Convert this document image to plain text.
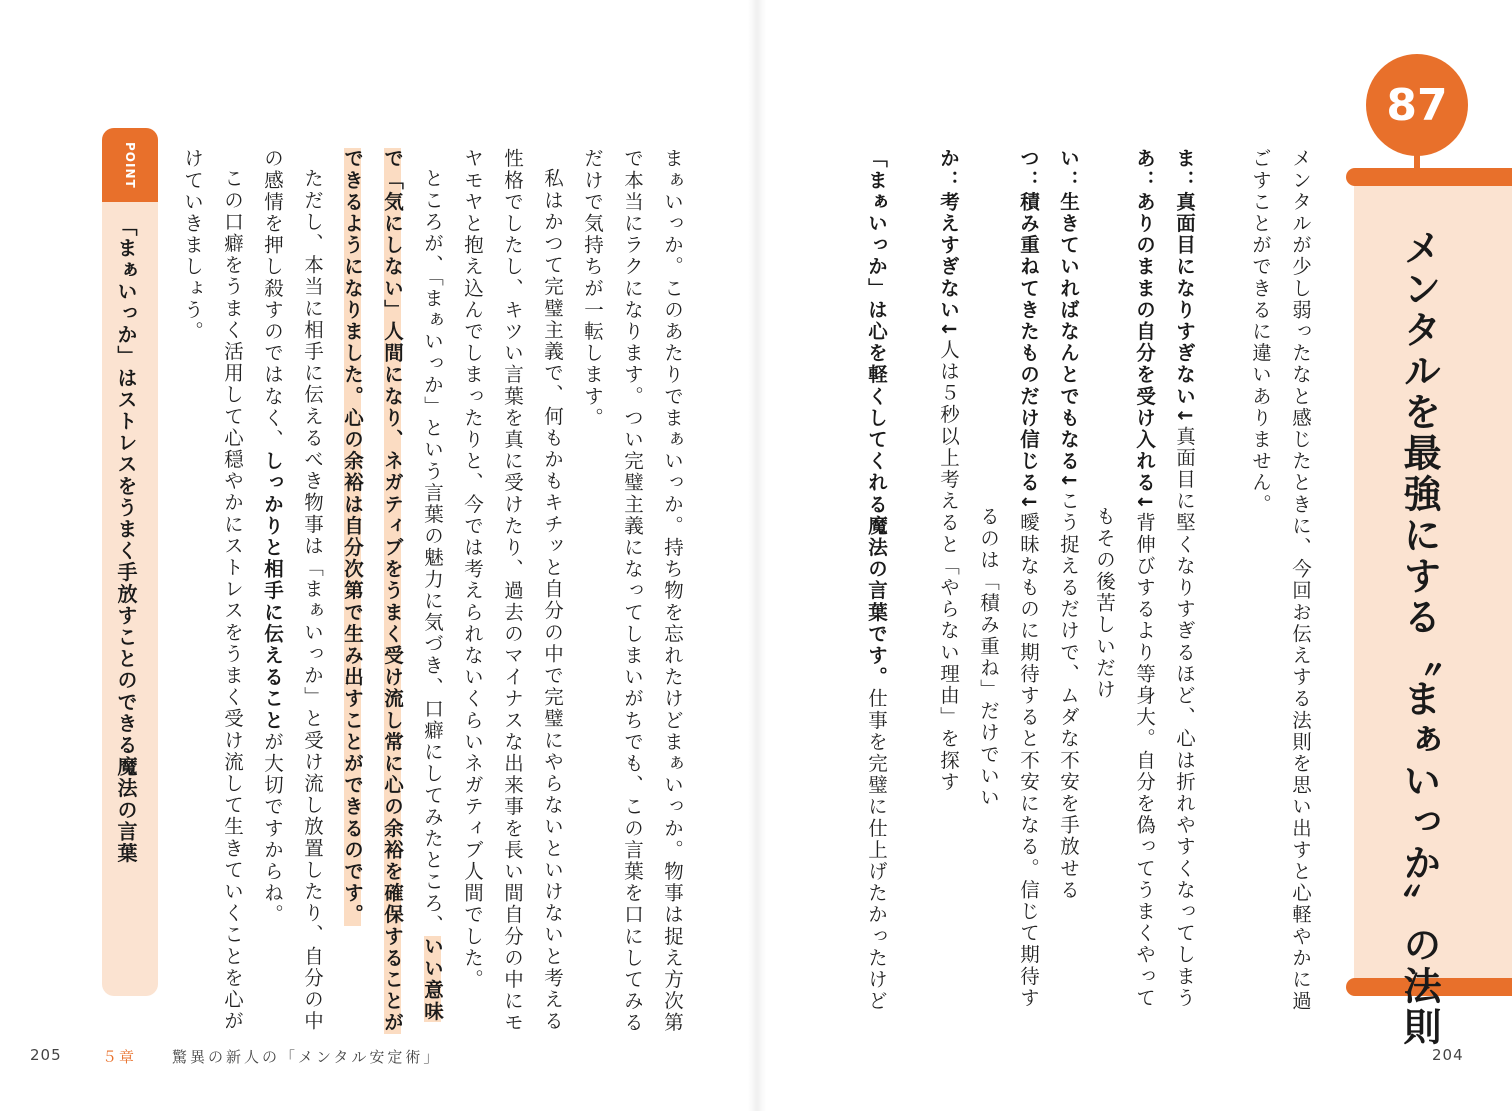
87
メンタルを最強にする〝まぁいっか〟の法則
メンタルが少し弱ったなと感じたときに、今回お伝えする法則を思い出すと心軽やかに過
ごすことができるに違いありません。
ま：真面目になりすぎない↓真面目に堅くなりすぎるほど、心は折れやすくなってしまう
あ：ありのままの自分を受け入れる↓背伸びするより等身大。自分を偽ってうまくやって
もその後苦しいだけ
い：生きていればなんとでもなる↓こう捉えるだけで、ムダな不安を手放せる
つ：積み重ねてきたものだけ信じる↓曖昧なものに期待すると不安になる。信じて期待す
るのは「積み重ね」だけでいい
か：考えすぎない↓人は５秒以上考えると「やらない理由」を探す
「まぁいっか」は心を軽くしてくれる魔法の言葉です。仕事を完璧に仕上げたかったけど
まぁいっか。このあたりでまぁいっか。持ち物を忘れたけどまぁいっか。物事は捉え方次第
で本当にラクになります。つい完璧主義になってしまいがちでも、この言葉を口にしてみる
だけで気持ちが一転します。
私はかつて完璧主義で、何もかもキチッと自分の中で完璧にやらないといけないと考える
性格でしたし、キツい言葉を真に受けたり、過去のマイナスな出来事を長い間自分の中にモ
ヤモヤと抱え込んでしまったりと、今では考えられないくらいネガティブ人間でした。
ところが、「まぁいっか」という言葉の魅力に気づき、口癖にしてみたところ、いい意味
で「気にしない」人間になり、ネガティブをうまく受け流し常に心の余裕を確保することが
できるようになりました。心の余裕は自分次第で生み出すことができるのです。
ただし、本当に相手に伝えるべき物事は「まぁいっか」と受け流し放置したり、自分の中
の感情を押し殺すのではなく、しっかりと相手に伝えることが大切ですからね。
POINT
「まぁいっか」はストレスをうまく手放すことのできる魔法の言葉
205	５章 驚異の新人の「メンタル安定術」	204
この口癖をうまく活用して心穏やかにストレスをうまく受け流して生きていくことを心が
けていきましょう。
